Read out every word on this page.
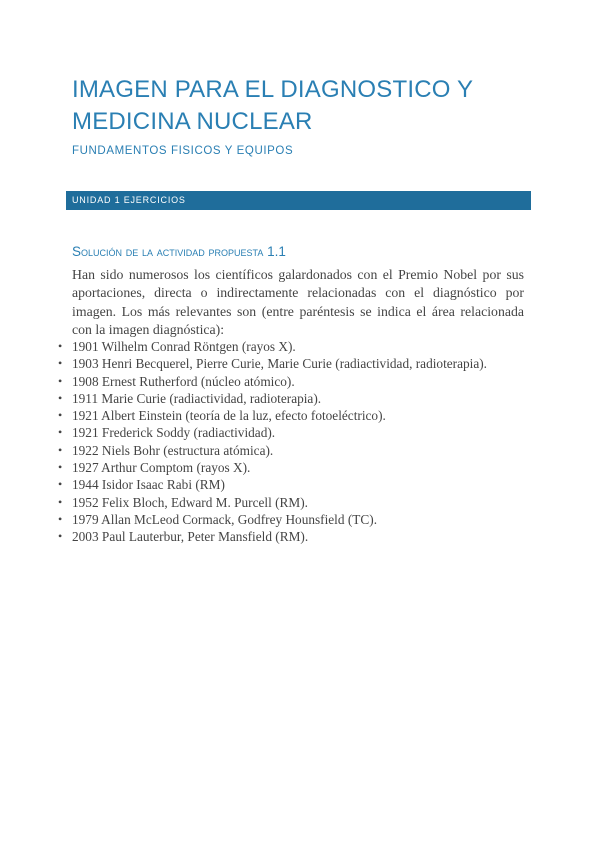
IMAGEN PARA EL DIAGNOSTICO Y
MEDICINA NUCLEAR
FUNDAMENTOS FISICOS Y EQUIPOS
UNIDAD 1 EJERCICIOS
Solución de la actividad propuesta 1.1

Han sido numerosos los científicos galardonados con el Premio Nobel por sus aportaciones, directa o indirectamente relacionadas con el diagnóstico por imagen. Los más relevantes son (entre paréntesis se indica el área relacionada con la imagen diagnóstica):

• 1901 Wilhelm Conrad Röntgen (rayos X).
• 1903 Henri Becquerel, Pierre Curie, Marie Curie (radiactividad, radioterapia).
• 1908 Ernest Rutherford (núcleo atómico).
• 1911 Marie Curie (radiactividad, radioterapia).
• 1921 Albert Einstein (teoría de la luz, efecto fotoeléctrico).
• 1921 Frederick Soddy (radiactividad).
• 1922 Niels Bohr (estructura atómica).
• 1927 Arthur Comptom (rayos X).
• 1944 Isidor Isaac Rabi (RM)
• 1952 Felix Bloch, Edward M. Purcell (RM).
• 1979 Allan McLeod Cormack, Godfrey Hounsfield (TC).
• 2003 Paul Lauterbur, Peter Mansfield (RM).
